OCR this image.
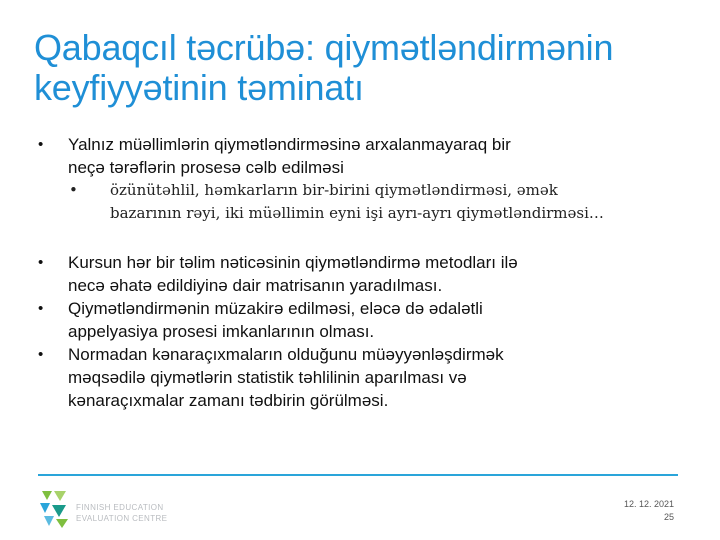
Qabaqcıl təcrübə: qiymətləndirmənin
keyfiyyətinin təminatı
• Yalnız müəllimlərin qiymətləndirməsinə arxalanmayaraq bir
neçə tərəflərin prosesə cəlb edilməsi
• özünütəhlil, həmkarların bir-birini qiymətləndirməsi, əmək
bazarının rəyi, iki müəllimin eyni işi ayrı-ayrı qiymətləndirməsi…
• Kursun hər bir təlim nəticəsinin qiymətləndirmə metodları ilə
necə əhatə edildiyinə dair matrisanın yaradılması.
• Qiymətləndirmənin müzakirə edilməsi, eləcə də ədalətli
appelyasiya prosesi imkanlarının olması.
• Normadan kənaraçıxmaların olduğunu müəyyənləşdirmək
məqsədilə qiymətlərin statistik təhlilinin aparılması və
kənaraçıxmalar zamanı tədbirin görülməsi.
FINNISH EDUCATION
EVALUATION CENTRE
12. 12. 2021
25
